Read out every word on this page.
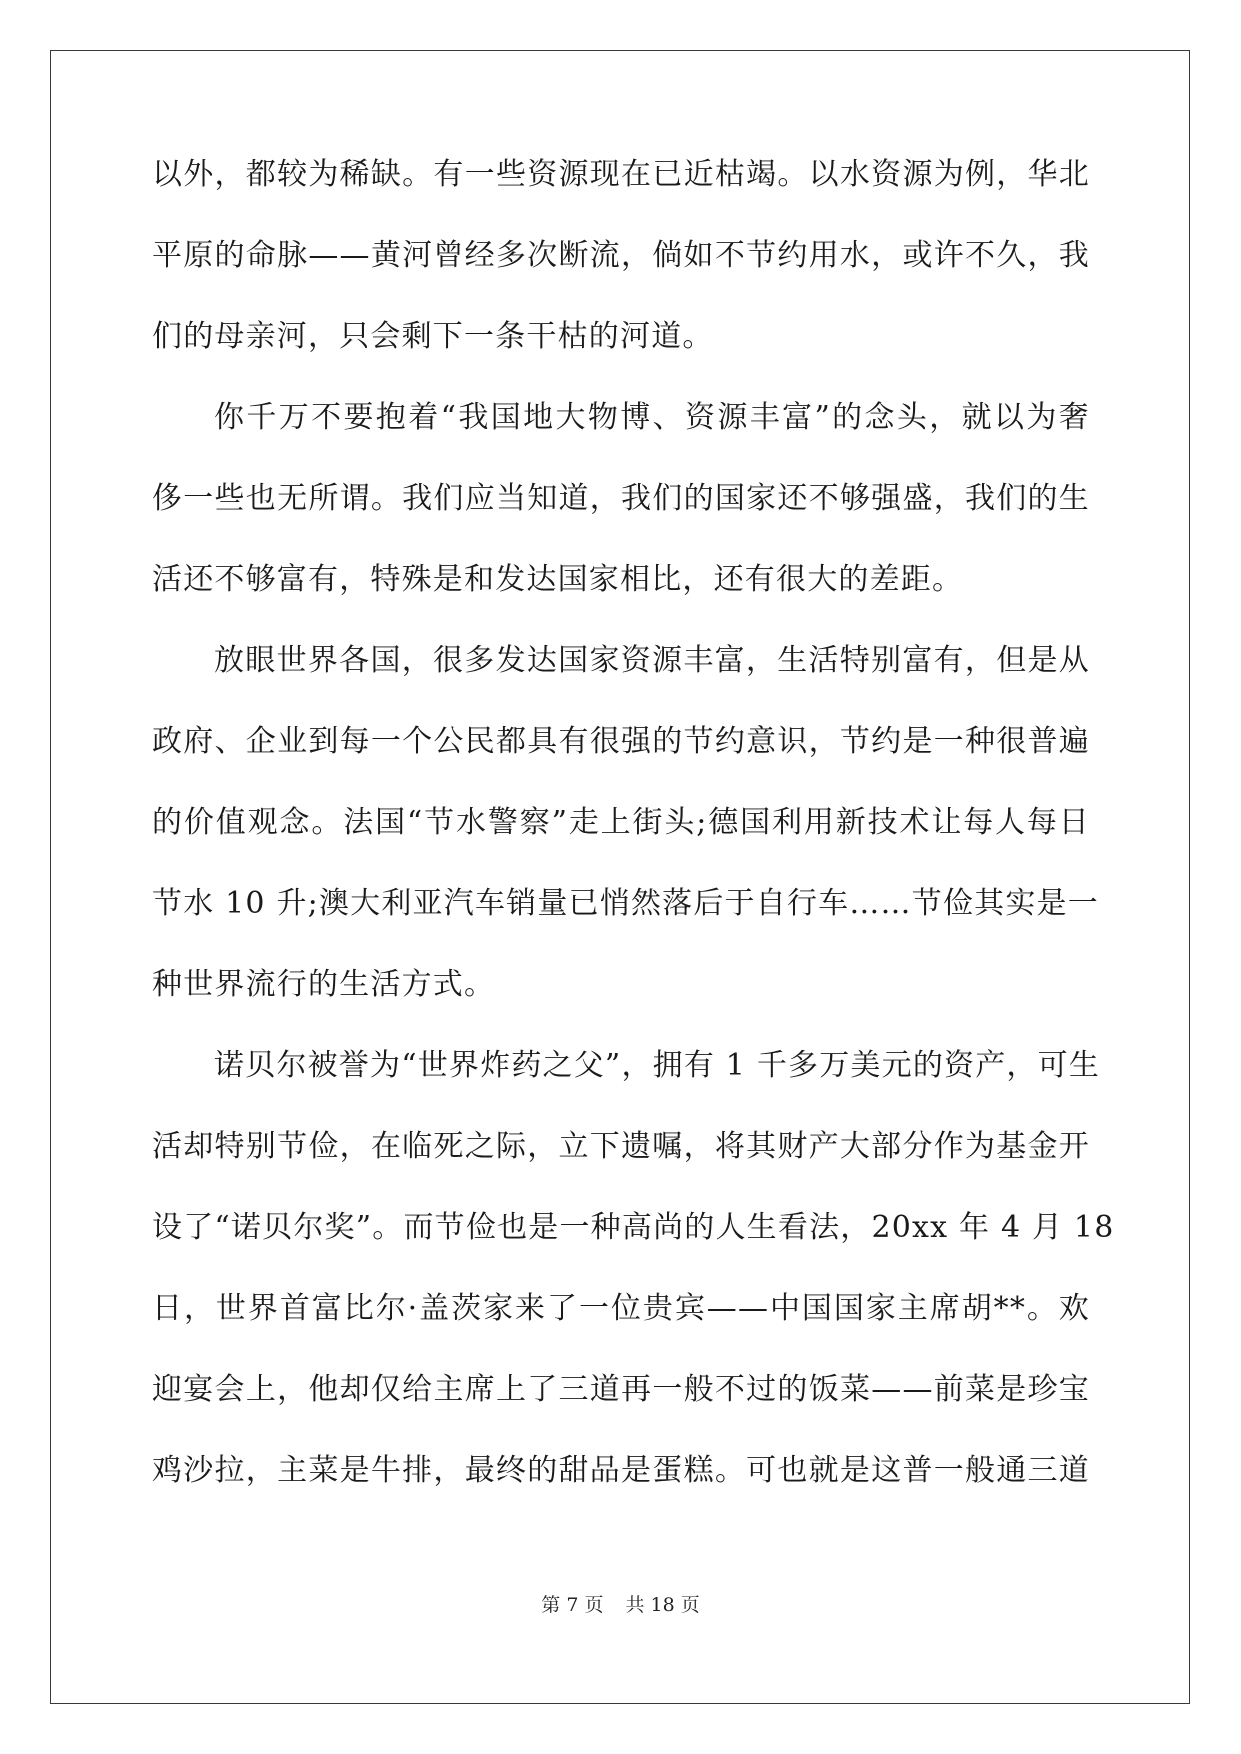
以外，都较为稀缺。有一些资源现在已近枯竭。以水资源为例，华北
平原的命脉——黄河曾经多次断流，倘如不节约用水，或许不久，我
们的母亲河，只会剩下一条干枯的河道。
你千万不要抱着“我国地大物博、资源丰富”的念头，就以为奢
侈一些也无所谓。我们应当知道，我们的国家还不够强盛，我们的生
活还不够富有，特殊是和发达国家相比，还有很大的差距。
放眼世界各国，很多发达国家资源丰富，生活特别富有，但是从
政府、企业到每一个公民都具有很强的节约意识，节约是一种很普遍
的价值观念。法国“节水警察”走上街头;德国利用新技术让每人每日
节水 10 升;澳大利亚汽车销量已悄然落后于自行车……节俭其实是一
种世界流行的生活方式。
诺贝尔被誉为“世界炸药之父”，拥有 1 千多万美元的资产，可生
活却特别节俭，在临死之际，立下遗嘱，将其财产大部分作为基金开
设了“诺贝尔奖”。而节俭也是一种高尚的人生看法，20xx 年 4 月 18
日，世界首富比尔·盖茨家来了一位贵宾——中国国家主席胡**。欢
迎宴会上，他却仅给主席上了三道再一般不过的饭菜——前菜是珍宝
鸡沙拉，主菜是牛排，最终的甜品是蛋糕。可也就是这普一般通三道
第 7 页 共 18 页
